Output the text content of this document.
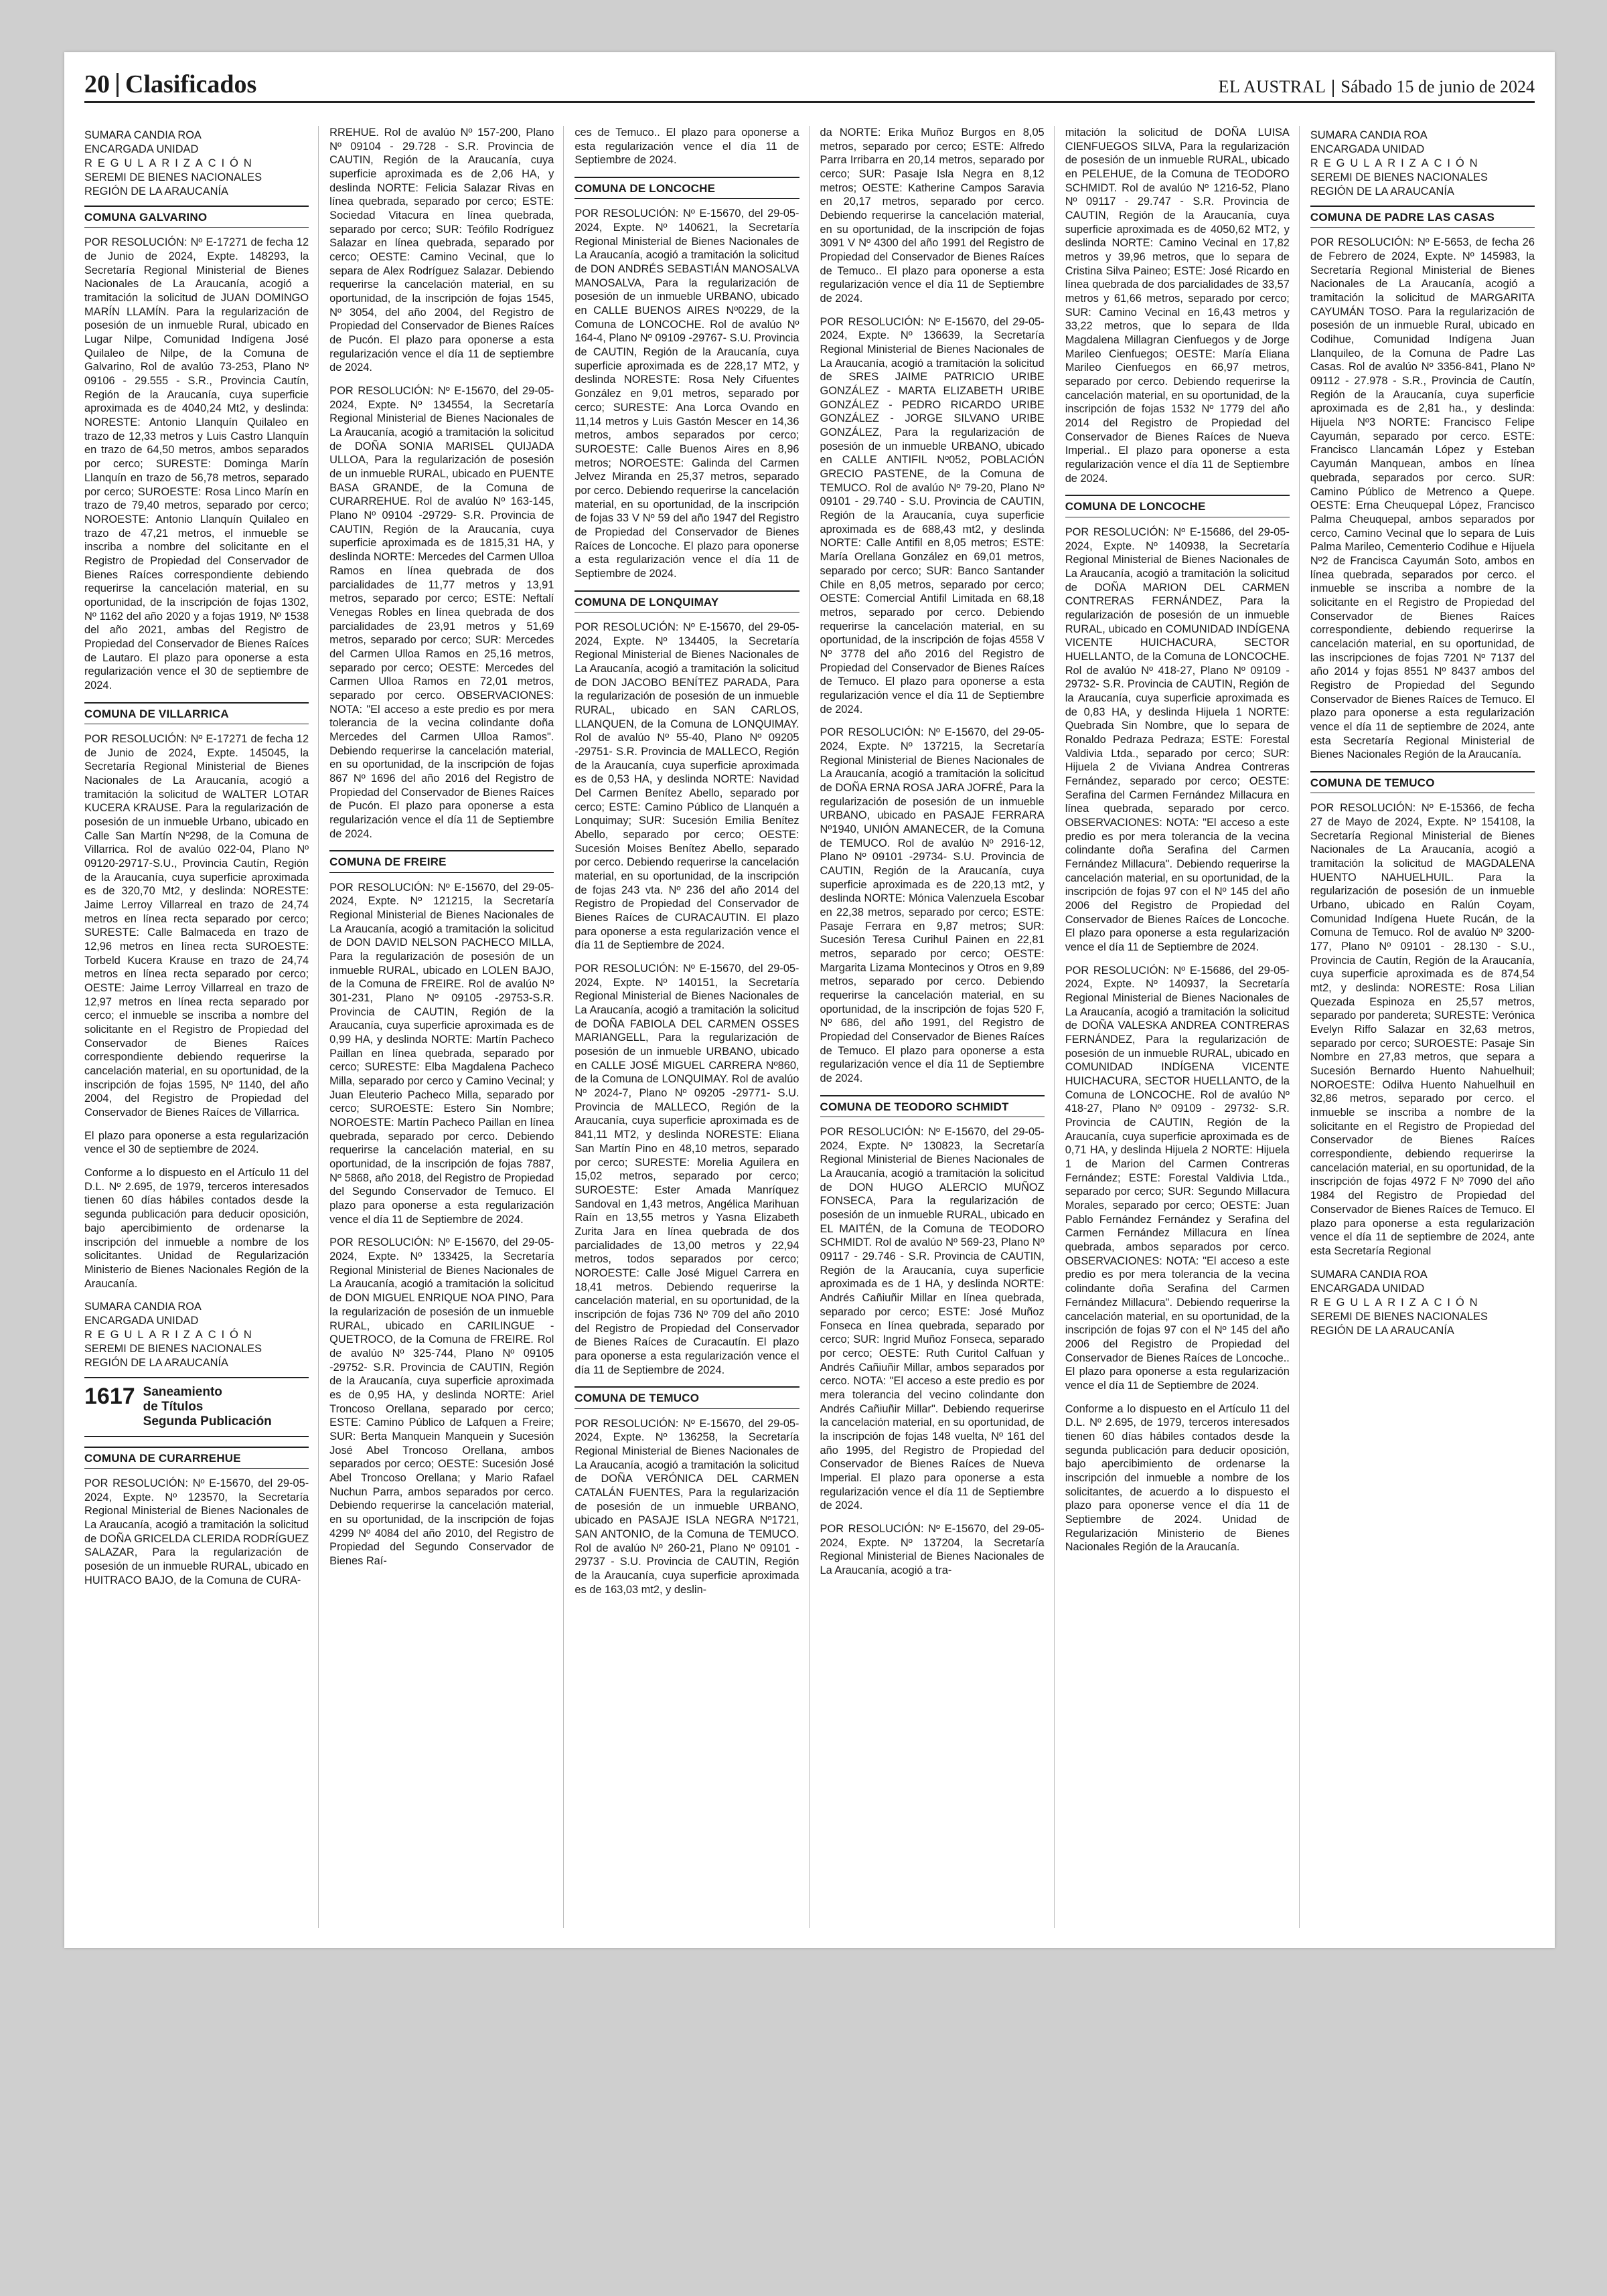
20 Clasificados	EL AUSTRAL Sábado 15 de junio de 2024
SUMARA CANDIA ROA
ENCARGADA UNIDAD
REGULARIZACIÓN
SEREMI DE BIENES NACIONALES
REGIÓN DE LA ARAUCANÍA
COMUNA GALVARINO

POR RESOLUCIÓN: Nº E-17271 de fecha 12 de Junio de 2024, Expte. 148293, la Secretaría Regional Ministerial de Bienes Nacionales de La Araucanía, acogió a tramitación la solicitud de JUAN DOMINGO MARÍN LLAMÍN. Para la regularización de posesión de un inmueble Rural, ubicado en Lugar Nilpe, Comunidad Indígena José Quilaleo de Nilpe, de la Comuna de Galvarino, Rol de avalúo 73-253, Plano Nº 09106 - 29.555 - S.R., Provincia Cautín, Región de la Araucanía, cuya superficie aproximada es de 4040,24 Mt2, y deslinda: NORESTE: Antonio Llanquín Quilaleo en trazo de 12,33 metros y Luis Castro Llanquín en trazo de 64,50 metros, ambos separados por cerco; SURESTE: Dominga Marín Llanquín en trazo de 56,78 metros, separado por cerco; SUROESTE: Rosa Linco Marín en trazo de 79,40 metros, separado por cerco; NOROESTE: Antonio Llanquín Quilaleo en trazo de 47,21 metros, el inmueble se inscriba a nombre del solicitante en el Registro de Propiedad del Conservador de Bienes Raíces correspondiente debiendo requerirse la cancelación material, en su oportunidad, de la inscripción de fojas 1302, Nº 1162 del año 2020 y a fojas 1919, Nº 1538 del año 2021, ambas del Registro de Propiedad del Conservador de Bienes Raíces de Lautaro. El plazo para oponerse a esta regularización vence el 30 de septiembre de 2024.

COMUNA DE VILLARRICA

POR RESOLUCIÓN: Nº E-17271 de fecha 12 de Junio de 2024, Expte. 145045, la Secretaría Regional Ministerial de Bienes Nacionales de La Araucanía, acogió a tramitación la solicitud de WALTER LOTAR KUCERA KRAUSE. Para la regularización de posesión de un inmueble Urbano, ubicado en Calle San Martín Nº298, de la Comuna de Villarrica. Rol de avalúo 022-04, Plano Nº 09120-29717-S.U., Provincia Cautín, Región de la Araucanía, cuya superficie aproximada es de 320,70 Mt2, y deslinda: NORESTE: Jaime Lerroy Villarreal en trazo de 24,74 metros en línea recta separado por cerco; SURESTE: Calle Balmaceda en trazo de 12,96 metros en línea recta SUROESTE: Torbeld Kucera Krause en trazo de 24,74 metros en línea recta separado por cerco; OESTE: Jaime Lerroy Villarreal en trazo de 12,97 metros en línea recta separado por cerco; el inmueble se inscriba a nombre del solicitante en el Registro de Propiedad del Conservador de Bienes Raíces correspondiente debiendo requerirse la cancelación material, en su oportunidad, de la inscripción de fojas 1595, Nº 1140, del año 2004, del Registro de Propiedad del Conservador de Bienes Raíces de Villarrica.

El plazo para oponerse a esta regularización vence el 30 de septiembre de 2024.

Conforme a lo dispuesto en el Artículo 11 del D.L. Nº 2.695, de 1979, terceros interesados tienen 60 días hábiles contados desde la segunda publicación para deducir oposición, bajo apercibimiento de ordenarse la inscripción del inmueble a nombre de los solicitantes. Unidad de Regularización Ministerio de Bienes Nacionales Región de la Araucanía.

SUMARA CANDIA ROA
ENCARGADA UNIDAD
REGULARIZACIÓN
SEREMI DE BIENES NACIONALES
REGIÓN DE LA ARAUCANÍA
1617 Saneamiento
de Títulos
Segunda Publicación
COMUNA DE CURARREHUE

POR RESOLUCIÓN: Nº E-15670, del 29-05-2024, Expte. Nº 123570, la Secretaría Regional Ministerial de Bienes Nacionales de La Araucanía, acogió a tramitación la solicitud de DOÑA GRICELDA CLERIDA RODRÍGUEZ SALAZAR, Para la regularización de posesión de un inmueble RURAL, ubicado en HUITRACO BAJO, de la Comuna de CURA-

RREHUE. Rol de avalúo Nº 157-200, Plano Nº 09104 - 29.728 - S.R. Provincia de CAUTIN, Región de la Araucanía, cuya superficie aproximada es de 2,06 HA, y deslinda NORTE: Felicia Salazar Rivas en línea quebrada, separado por cerco; ESTE: Sociedad Vitacura en línea quebrada, separado por cerco; SUR: Teófilo Rodríguez Salazar en línea quebrada, separado por cerco; OESTE: Camino Vecinal, que lo separa de Alex Rodríguez Salazar. Debiendo requerirse la cancelación material, en su oportunidad, de la inscripción de fojas 1545, Nº 3054, del año 2004, del Registro de Propiedad del Conservador de Bienes Raíces de Pucón. El plazo para oponerse a esta regularización vence el día 11 de septiembre de 2024.

POR RESOLUCIÓN: Nº E-15670, del 29-05-2024, Expte. Nº 134554, la Secretaría Regional Ministerial de Bienes Nacionales de La Araucanía, acogió a tramitación la solicitud de DOÑA SONIA MARISEL QUIJADA ULLOA, Para la regularización de posesión de un inmueble RURAL, ubicado en PUENTE BASA GRANDE, de la Comuna de CURARREHUE. Rol de avalúo Nº 163-145, Plano Nº 09104 -29729- S.R. Provincia de CAUTIN, Región de la Araucanía, cuya superficie aproximada es de 1815,31 HA, y deslinda NORTE: Mercedes del Carmen Ulloa Ramos en línea quebrada de dos parcialidades de 11,77 metros y 13,91 metros, separado por cerco; ESTE: Neftalí Venegas Robles en línea quebrada de dos parcialidades de 23,91 metros y 51,69 metros, separado por cerco; SUR: Mercedes del Carmen Ulloa Ramos en 25,16 metros, separado por cerco; OESTE: Mercedes del Carmen Ulloa Ramos en 72,01 metros, separado por cerco. OBSERVACIONES: NOTA: "El acceso a este predio es por mera tolerancia de la vecina colindante doña Mercedes del Carmen Ulloa Ramos". Debiendo requerirse la cancelación material, en su oportunidad, de la inscripción de fojas 867 Nº 1696 del año 2016 del Registro de Propiedad del Conservador de Bienes Raíces de Pucón. El plazo para oponerse a esta regularización vence el día 11 de Septiembre de 2024.

COMUNA DE FREIRE

POR RESOLUCIÓN: Nº E-15670, del 29-05-2024, Expte. Nº 121215, la Secretaría Regional Ministerial de Bienes Nacionales de La Araucanía, acogió a tramitación la solicitud de DON DAVID NELSON PACHECO MILLA, Para la regularización de posesión de un inmueble RURAL, ubicado en LOLEN BAJO, de la Comuna de FREIRE. Rol de avalúo Nº 301-231, Plano Nº 09105 -29753-S.R. Provincia de CAUTIN, Región de la Araucanía, cuya superficie aproximada es de 0,99 HA, y deslinda NORTE: Martín Pacheco Paillan en línea quebrada, separado por cerco; SURESTE: Elba Magdalena Pacheco Milla, separado por cerco y Camino Vecinal; y Juan Eleuterio Pacheco Milla, separado por cerco; SUROESTE: Estero Sin Nombre; NOROESTE: Martín Pacheco Paillan en línea quebrada, separado por cerco. Debiendo requerirse la cancelación material, en su oportunidad, de la inscripción de fojas 7887, Nº 5868, año 2018, del Registro de Propiedad del Segundo Conservador de Temuco. El plazo para oponerse a esta regularización vence el día 11 de Septiembre de 2024.

POR RESOLUCIÓN: Nº E-15670, del 29-05-2024, Expte. Nº 133425, la Secretaría Regional Ministerial de Bienes Nacionales de La Araucanía, acogió a tramitación la solicitud de DON MIGUEL ENRIQUE NOA PINO, Para la regularización de posesión de un inmueble RURAL, ubicado en CARILINGUE - QUETROCO, de la Comuna de FREIRE. Rol de avalúo Nº 325-744, Plano Nº 09105 -29752- S.R. Provincia de CAUTIN, Región de la Araucanía, cuya superficie aproximada es de 0,95 HA, y deslinda NORTE: Ariel Troncoso Orellana, separado por cerco; ESTE: Camino Público de Lafquen a Freire; SUR: Berta Manquein Manquein y Sucesión José Abel Troncoso Orellana, ambos separados por cerco; OESTE: Sucesión José Abel Troncoso Orellana; y Mario Rafael Nuchun Parra, ambos separados por cerco. Debiendo requerirse la cancelación material, en su oportunidad, de la inscripción de fojas 4299 Nº 4084 del año 2010, del Registro de Propiedad del Segundo Conservador de Bienes Raí-

ces de Temuco.. El plazo para oponerse a esta regularización vence el día 11 de Septiembre de 2024.

COMUNA DE LONCOCHE

POR RESOLUCIÓN: Nº E-15670, del 29-05-2024, Expte. Nº 140621, la Secretaría Regional Ministerial de Bienes Nacionales de La Araucanía, acogió a tramitación la solicitud de DON ANDRÉS SEBASTIÁN MANOSALVA MANOSALVA, Para la regularización de posesión de un inmueble URBANO, ubicado en CALLE BUENOS AIRES Nº0229, de la Comuna de LONCOCHE. Rol de avalúo Nº 164-4, Plano Nº 09109 -29767- S.U. Provincia de CAUTIN, Región de la Araucanía, cuya superficie aproximada es de 228,17 MT2, y deslinda NORESTE: Rosa Nely Cifuentes González en 9,01 metros, separado por cerco; SURESTE: Ana Lorca Ovando en 11,14 metros y Luis Gastón Mescer en 14,36 metros, ambos separados por cerco; SUROESTE: Calle Buenos Aires en 8,96 metros; NOROESTE: Galinda del Carmen Jelvez Miranda en 25,37 metros, separado por cerco. Debiendo requerirse la cancelación material, en su oportunidad, de la inscripción de fojas 33 V Nº 59 del año 1947 del Registro de Propiedad del Conservador de Bienes Raíces de Loncoche. El plazo para oponerse a esta regularización vence el día 11 de Septiembre de 2024.

COMUNA DE LONQUIMAY

POR RESOLUCIÓN: Nº E-15670, del 29-05-2024, Expte. Nº 134405, la Secretaría Regional Ministerial de Bienes Nacionales de La Araucanía, acogió a tramitación la solicitud de DON JACOBO BENÍTEZ PARADA, Para la regularización de posesión de un inmueble RURAL, ubicado en SAN CARLOS, LLANQUEN, de la Comuna de LONQUIMAY. Rol de avalúo Nº 55-40, Plano Nº 09205 -29751- S.R. Provincia de MALLECO, Región de la Araucanía, cuya superficie aproximada es de 0,53 HA, y deslinda NORTE: Navidad Del Carmen Benítez Abello, separado por cerco; ESTE: Camino Público de Llanquén a Lonquimay; SUR: Sucesión Emilia Benítez Abello, separado por cerco; OESTE: Sucesión Moises Benítez Abello, separado por cerco. Debiendo requerirse la cancelación material, en su oportunidad, de la inscripción de fojas 243 vta. Nº 236 del año 2014 del Registro de Propiedad del Conservador de Bienes Raíces de CURACAUTIN. El plazo para oponerse a esta regularización vence el día 11 de Septiembre de 2024.

POR RESOLUCIÓN: Nº E-15670, del 29-05-2024, Expte. Nº 140151, la Secretaría Regional Ministerial de Bienes Nacionales de La Araucanía, acogió a tramitación la solicitud de DOÑA FABIOLA DEL CARMEN OSSES MARIANGELL, Para la regularización de posesión de un inmueble URBANO, ubicado en CALLE JOSÉ MIGUEL CARRERA Nº860, de la Comuna de LONQUIMAY. Rol de avalúo Nº 2024-7, Plano Nº 09205 -29771- S.U. Provincia de MALLECO, Región de la Araucanía, cuya superficie aproximada es de 841,11 MT2, y deslinda NORESTE: Eliana San Martín Pino en 48,10 metros, separado por cerco; SURESTE: Morelia Aguilera en 15,02 metros, separado por cerco; SUROESTE: Ester Amada Manríquez Sandoval en 1,43 metros, Angélica Marihuan Raín en 13,55 metros y Yasna Elizabeth Zurita Jara en línea quebrada de dos parcialidades de 13,00 metros y 22,94 metros, todos separados por cerco; NOROESTE: Calle José Miguel Carrera en 18,41 metros. Debiendo requerirse la cancelación material, en su oportunidad, de la inscripción de fojas 736 Nº 709 del año 2010 del Registro de Propiedad del Conservador de Bienes Raíces de Curacautín. El plazo para oponerse a esta regularización vence el día 11 de Septiembre de 2024.

COMUNA DE TEMUCO

POR RESOLUCIÓN: Nº E-15670, del 29-05-2024, Expte. Nº 136258, la Secretaría Regional Ministerial de Bienes Nacionales de La Araucanía, acogió a tramitación la solicitud de DOÑA VERÓNICA DEL CARMEN CATALÁN FUENTES, Para la regularización de posesión de un inmueble URBANO, ubicado en PASAJE ISLA NEGRA Nº1721, SAN ANTONIO, de la Comuna de TEMUCO. Rol de avalúo Nº 260-21, Plano Nº 09101 - 29737 - S.U. Provincia de CAUTIN, Región de la Araucanía, cuya superficie aproximada es de 163,03 mt2, y deslin-

da NORTE: Erika Muñoz Burgos en 8,05 metros, separado por cerco; ESTE: Alfredo Parra Irribarra en 20,14 metros, separado por cerco; SUR: Pasaje Isla Negra en 8,12 metros; OESTE: Katherine Campos Saravia en 20,17 metros, separado por cerco. Debiendo requerirse la cancelación material, en su oportunidad, de la inscripción de fojas 3091 V Nº 4300 del año 1991 del Registro de Propiedad del Conservador de Bienes Raíces de Temuco.. El plazo para oponerse a esta regularización vence el día 11 de Septiembre de 2024.

POR RESOLUCIÓN: Nº E-15670, del 29-05-2024, Expte. Nº 136639, la Secretaría Regional Ministerial de Bienes Nacionales de La Araucanía, acogió a tramitación la solicitud de SRES JAIME PATRICIO URIBE GONZÁLEZ - MARTA ELIZABETH URIBE GONZÁLEZ - PEDRO RICARDO URIBE GONZÁLEZ - JORGE SILVANO URIBE GONZÁLEZ, Para la regularización de posesión de un inmueble URBANO, ubicado en CALLE ANTIFIL Nº052, POBLACIÓN GRECIO PASTENE, de la Comuna de TEMUCO. Rol de avalúo Nº 79-20, Plano Nº 09101 - 29.740 - S.U. Provincia de CAUTIN, Región de la Araucanía, cuya superficie aproximada es de 688,43 mt2, y deslinda NORTE: Calle Antifil en 8,05 metros; ESTE: María Orellana González en 69,01 metros, separado por cerco; SUR: Banco Santander Chile en 8,05 metros, separado por cerco; OESTE: Comercial Antifil Limitada en 68,18 metros, separado por cerco. Debiendo requerirse la cancelación material, en su oportunidad, de la inscripción de fojas 4558 V Nº 3778 del año 2016 del Registro de Propiedad del Conservador de Bienes Raíces de Temuco. El plazo para oponerse a esta regularización vence el día 11 de Septiembre de 2024.

POR RESOLUCIÓN: Nº E-15670, del 29-05-2024, Expte. Nº 137215, la Secretaría Regional Ministerial de Bienes Nacionales de La Araucanía, acogió a tramitación la solicitud de DOÑA ERNA ROSA JARA JOFRÉ, Para la regularización de posesión de un inmueble URBANO, ubicado en PASAJE FERRARA Nº1940, UNIÓN AMANECER, de la Comuna de TEMUCO. Rol de avalúo Nº 2916-12, Plano Nº 09101 -29734- S.U. Provincia de CAUTIN, Región de la Araucanía, cuya superficie aproximada es de 220,13 mt2, y deslinda NORTE: Mónica Valenzuela Escobar en 22,38 metros, separado por cerco; ESTE: Pasaje Ferrara en 9,87 metros; SUR: Sucesión Teresa Curihul Painen en 22,81 metros, separado por cerco; OESTE: Margarita Lizama Montecinos y Otros en 9,89 metros, separado por cerco. Debiendo requerirse la cancelación material, en su oportunidad, de la inscripción de fojas 520 F, Nº 686, del año 1991, del Registro de Propiedad del Conservador de Bienes Raíces de Temuco. El plazo para oponerse a esta regularización vence el día 11 de Septiembre de 2024.

COMUNA DE TEODORO SCHMIDT

POR RESOLUCIÓN: Nº E-15670, del 29-05-2024, Expte. Nº 130823, la Secretaría Regional Ministerial de Bienes Nacionales de La Araucanía, acogió a tramitación la solicitud de DON HUGO ALERCIO MUÑOZ FONSECA, Para la regularización de posesión de un inmueble RURAL, ubicado en EL MAITÉN, de la Comuna de TEODORO SCHMIDT. Rol de avalúo Nº 569-23, Plano Nº 09117 - 29.746 - S.R. Provincia de CAUTIN, Región de la Araucanía, cuya superficie aproximada es de 1 HA, y deslinda NORTE: Andrés Cañiuñir Millar en línea quebrada, separado por cerco; ESTE: José Muñoz Fonseca en línea quebrada, separado por cerco; SUR: Ingrid Muñoz Fonseca, separado por cerco; OESTE: Ruth Curitol Calfuan y Andrés Cañiuñir Millar, ambos separados por cerco. NOTA: "El acceso a este predio es por mera tolerancia del vecino colindante don Andrés Cañiuñir Millar". Debiendo requerirse la cancelación material, en su oportunidad, de la inscripción de fojas 148 vuelta, Nº 161 del año 1995, del Registro de Propiedad del Conservador de Bienes Raíces de Nueva Imperial. El plazo para oponerse a esta regularización vence el día 11 de Septiembre de 2024.

POR RESOLUCIÓN: Nº E-15670, del 29-05-2024, Expte. Nº 137204, la Secretaría Regional Ministerial de Bienes Nacionales de La Araucanía, acogió a tra-

mitación la solicitud de DOÑA LUISA CIENFUEGOS SILVA, Para la regularización de posesión de un inmueble RURAL, ubicado en PELEHUE, de la Comuna de TEODORO SCHMIDT. Rol de avalúo Nº 1216-52, Plano Nº 09117 - 29.747 - S.R. Provincia de CAUTIN, Región de la Araucanía, cuya superficie aproximada es de 4050,62 MT2, y deslinda NORTE: Camino Vecinal en 17,82 metros y 39,96 metros, que lo separa de Cristina Silva Paineo; ESTE: José Ricardo en línea quebrada de dos parcialidades de 33,57 metros y 61,66 metros, separado por cerco; SUR: Camino Vecinal en 16,43 metros y 33,22 metros, que lo separa de Ilda Magdalena Millagran Cienfuegos y de Jorge Marileo Cienfuegos; OESTE: María Eliana Marileo Cienfuegos en 66,97 metros, separado por cerco. Debiendo requerirse la cancelación material, en su oportunidad, de la inscripción de fojas 1532 Nº 1779 del año 2014 del Registro de Propiedad del Conservador de Bienes Raíces de Nueva Imperial.. El plazo para oponerse a esta regularización vence el día 11 de Septiembre de 2024.

COMUNA DE LONCOCHE

POR RESOLUCIÓN: Nº E-15686, del 29-05-2024, Expte. Nº 140938, la Secretaría Regional Ministerial de Bienes Nacionales de La Araucanía, acogió a tramitación la solicitud de DOÑA MARION DEL CARMEN CONTRERAS FERNÁNDEZ, Para la regularización de posesión de un inmueble RURAL, ubicado en COMUNIDAD INDÍGENA VICENTE HUICHACURA, SECTOR HUELLANTO, de la Comuna de LONCOCHE. Rol de avalúo Nº 418-27, Plano Nº 09109 - 29732- S.R. Provincia de CAUTIN, Región de la Araucanía, cuya superficie aproximada es de 0,83 HA, y deslinda Hijuela 1 NORTE: Quebrada Sin Nombre, que lo separa de Ronaldo Pedraza Pedraza; ESTE: Forestal Valdivia Ltda., separado por cerco; SUR: Hijuela 2 de Viviana Andrea Contreras Fernández, separado por cerco; OESTE: Serafina del Carmen Fernández Millacura en línea quebrada, separado por cerco. OBSERVACIONES: NOTA: "El acceso a este predio es por mera tolerancia de la vecina colindante doña Serafina del Carmen Fernández Millacura". Debiendo requerirse la cancelación material, en su oportunidad, de la inscripción de fojas 97 con el Nº 145 del año 2006 del Registro de Propiedad del Conservador de Bienes Raíces de Loncoche. El plazo para oponerse a esta regularización vence el día 11 de Septiembre de 2024.

POR RESOLUCIÓN: Nº E-15686, del 29-05-2024, Expte. Nº 140937, la Secretaría Regional Ministerial de Bienes Nacionales de La Araucanía, acogió a tramitación la solicitud de DOÑA VALESKA ANDREA CONTRERAS FERNÁNDEZ, Para la regularización de posesión de un inmueble RURAL, ubicado en COMUNIDAD INDÍGENA VICENTE HUICHACURA, SECTOR HUELLANTO, de la Comuna de LONCOCHE. Rol de avalúo Nº 418-27, Plano Nº 09109 - 29732- S.R. Provincia de CAUTIN, Región de la Araucanía, cuya superficie aproximada es de 0,71 HA, y deslinda Hijuela 2 NORTE: Hijuela 1 de Marion del Carmen Contreras Fernández; ESTE: Forestal Valdivia Ltda., separado por cerco; SUR: Segundo Millacura Morales, separado por cerco; OESTE: Juan Pablo Fernández Fernández y Serafina del Carmen Fernández Millacura en línea quebrada, ambos separados por cerco. OBSERVACIONES: NOTA: "El acceso a este predio es por mera tolerancia de la vecina colindante doña Serafina del Carmen Fernández Millacura". Debiendo requerirse la cancelación material, en su oportunidad, de la inscripción de fojas 97 con el Nº 145 del año 2006 del Registro de Propiedad del Conservador de Bienes Raíces de Loncoche.. El plazo para oponerse a esta regularización vence el día 11 de Septiembre de 2024.

Conforme a lo dispuesto en el Artículo 11 del D.L. Nº 2.695, de 1979, terceros interesados tienen 60 días hábiles contados desde la segunda publicación para deducir oposición, bajo apercibimiento de ordenarse la inscripción del inmueble a nombre de los solicitantes, de acuerdo a lo dispuesto el plazo para oponerse vence el día 11 de Septiembre de 2024. Unidad de Regularización Ministerio de Bienes Nacionales Región de la Araucanía.

SUMARA CANDIA ROA
ENCARGADA UNIDAD
REGULARIZACIÓN
SEREMI DE BIENES NACIONALES
REGIÓN DE LA ARAUCANÍA
COMUNA DE PADRE LAS CASAS

POR RESOLUCIÓN: Nº E-5653, de fecha 26 de Febrero de 2024, Expte. Nº 145983, la Secretaría Regional Ministerial de Bienes Nacionales de La Araucanía, acogió a tramitación la solicitud de MARGARITA CAYUMÁN TOSO. Para la regularización de posesión de un inmueble Rural, ubicado en Codihue, Comunidad Indígena Juan Llanquileo, de la Comuna de Padre Las Casas. Rol de avalúo Nº 3356-841, Plano Nº 09112 - 27.978 - S.R., Provincia de Cautín, Región de la Araucanía, cuya superficie aproximada es de 2,81 ha., y deslinda: Hijuela Nº3 NORTE: Francisco Felipe Cayumán, separado por cerco. ESTE: Francisco Llancamán López y Esteban Cayumán Manquean, ambos en línea quebrada, separados por cerco. SUR: Camino Público de Metrenco a Quepe. OESTE: Erna Cheuquepal López, Francisco Palma Cheuquepal, ambos separados por cerco, Camino Vecinal que lo separa de Luis Palma Marileo, Cementerio Codihue e Hijuela Nº2 de Francisca Cayumán Soto, ambos en línea quebrada, separados por cerco. el inmueble se inscriba a nombre de la solicitante en el Registro de Propiedad del Conservador de Bienes Raíces correspondiente, debiendo requerirse la cancelación material, en su oportunidad, de las inscripciones de fojas 7201 Nº 7137 del año 2014 y fojas 8551 Nº 8437 ambos del Registro de Propiedad del Segundo Conservador de Bienes Raíces de Temuco. El plazo para oponerse a esta regularización vence el día 11 de septiembre de 2024, ante esta Secretaría Regional Ministerial de Bienes Nacionales Región de la Araucanía.

COMUNA DE TEMUCO

POR RESOLUCIÓN: Nº E-15366, de fecha 27 de Mayo de 2024, Expte. Nº 154108, la Secretaría Regional Ministerial de Bienes Nacionales de La Araucanía, acogió a tramitación la solicitud de MAGDALENA HUENTO NAHUELHUIL. Para la regularización de posesión de un inmueble Urbano, ubicado en Ralún Coyam, Comunidad Indígena Huete Rucán, de la Comuna de Temuco. Rol de avalúo Nº 3200-177, Plano Nº 09101 - 28.130 - S.U., Provincia de Cautín, Región de la Araucanía, cuya superficie aproximada es de 874,54 mt2, y deslinda: NORESTE: Rosa Lilian Quezada Espinoza en 25,57 metros, separado por pandereta; SURESTE: Verónica Evelyn Riffo Salazar en 32,63 metros, separado por cerco; SUROESTE: Pasaje Sin Nombre en 27,83 metros, que separa a Sucesión Bernardo Huento Nahuelhuil; NOROESTE: Odilva Huento Nahuelhuil en 32,86 metros, separado por cerco. el inmueble se inscriba a nombre de la solicitante en el Registro de Propiedad del Conservador de Bienes Raíces correspondiente, debiendo requerirse la cancelación material, en su oportunidad, de la inscripción de fojas 4972 F Nº 7090 del año 1984 del Registro de Propiedad del Conservador de Bienes Raíces de Temuco. El plazo para oponerse a esta regularización vence el día 11 de septiembre de 2024, ante esta Secretaría Regional

SUMARA CANDIA ROA
ENCARGADA UNIDAD
REGULARIZACIÓN
SEREMI DE BIENES NACIONALES
REGIÓN DE LA ARAUCANÍA
